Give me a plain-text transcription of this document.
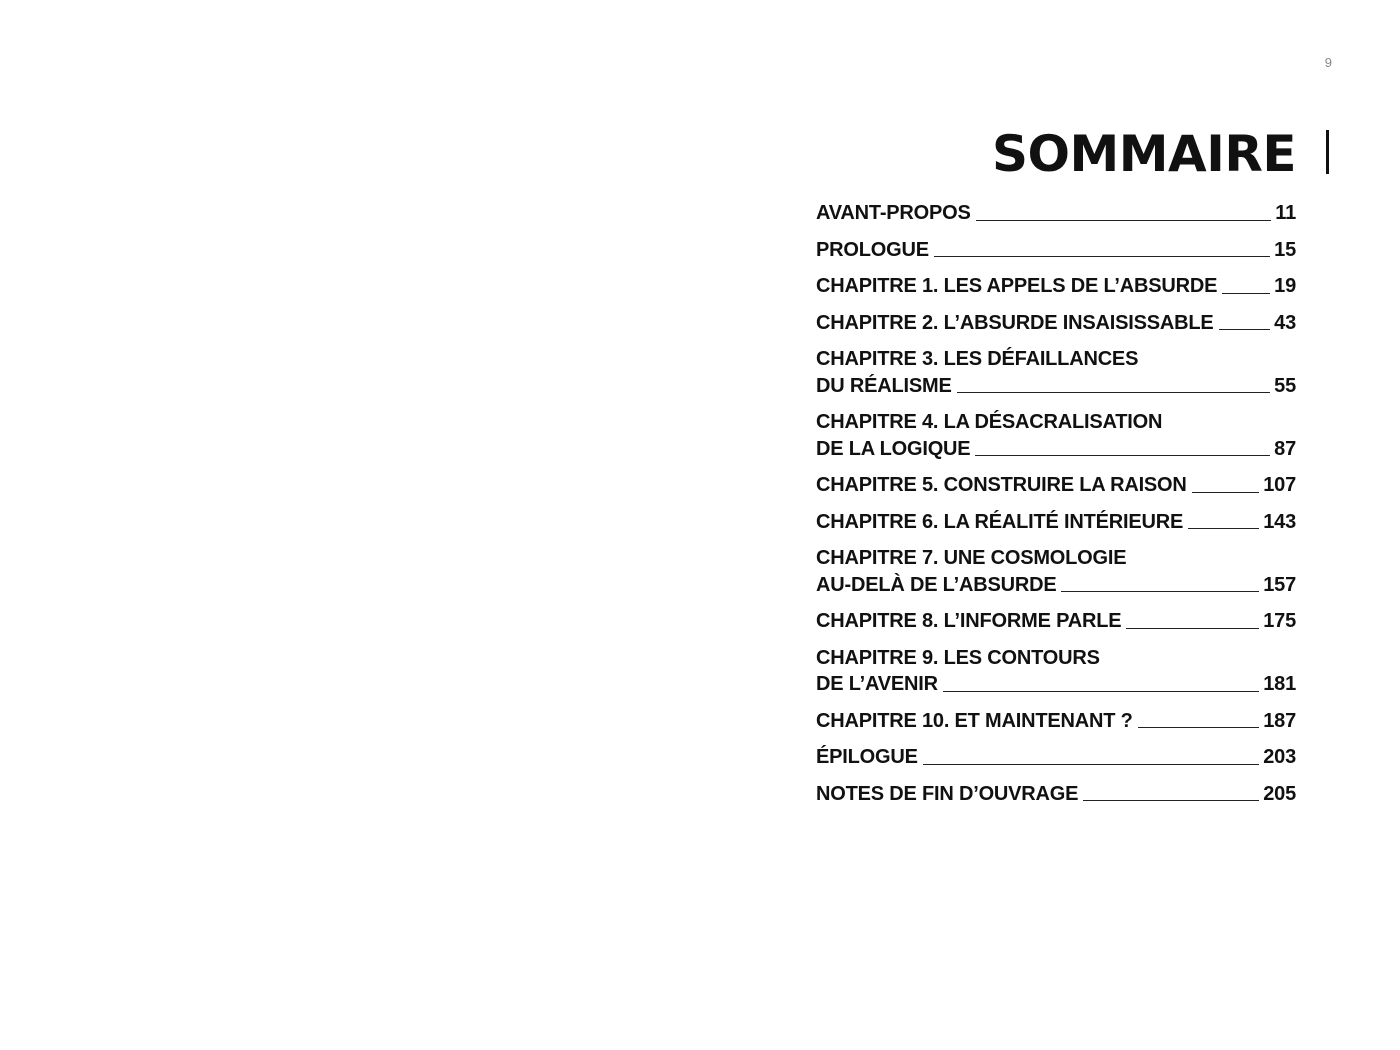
9
SOMMAIRE
AVANT-PROPOS	11
PROLOGUE	15
CHAPITRE 1. LES APPELS DE L’ABSURDE	19
CHAPITRE 2. L’ABSURDE INSAISISSABLE	43
CHAPITRE 3. LES DÉFAILLANCES
DU RÉALISME	55
CHAPITRE 4. LA DÉSACRALISATION
DE LA LOGIQUE	87
CHAPITRE 5. CONSTRUIRE LA RAISON	107
CHAPITRE 6. LA RÉALITÉ INTÉRIEURE	143
CHAPITRE 7. UNE COSMOLOGIE
AU-DELÀ DE L’ABSURDE	157
CHAPITRE 8. L’INFORME PARLE	175
CHAPITRE 9. LES CONTOURS
DE L’AVENIR	181
CHAPITRE 10. ET MAINTENANT ?	187
ÉPILOGUE	203
NOTES DE FIN D’OUVRAGE	205
